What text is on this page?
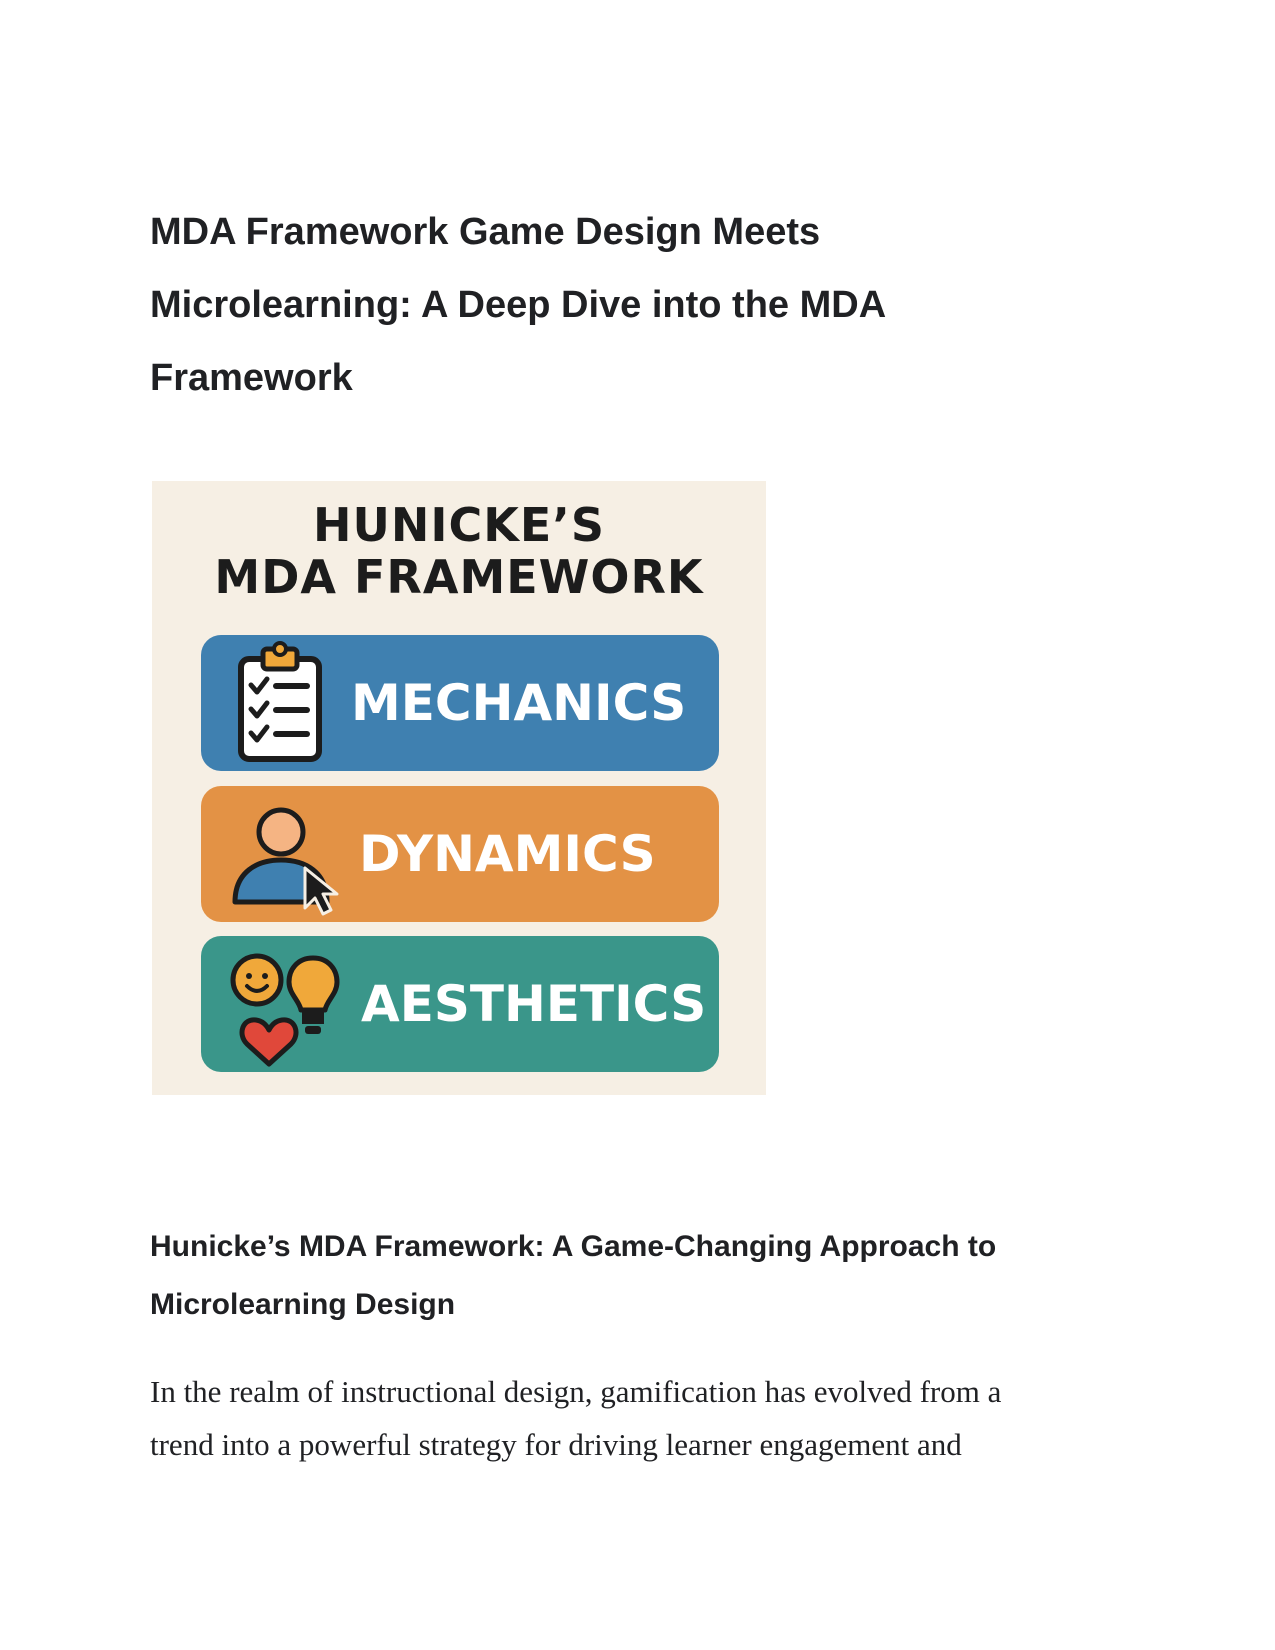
MDA Framework Game Design Meets
Microlearning: A Deep Dive into the MDA
Framework
HUNICKE’S
MDA FRAMEWORK
MECHANICS
DYNAMICS
AESTHETICS
Hunicke’s MDA Framework: A Game-Changing Approach to
Microlearning Design

In the realm of instructional design, gamification has evolved from a
trend into a powerful strategy for driving learner engagement and
